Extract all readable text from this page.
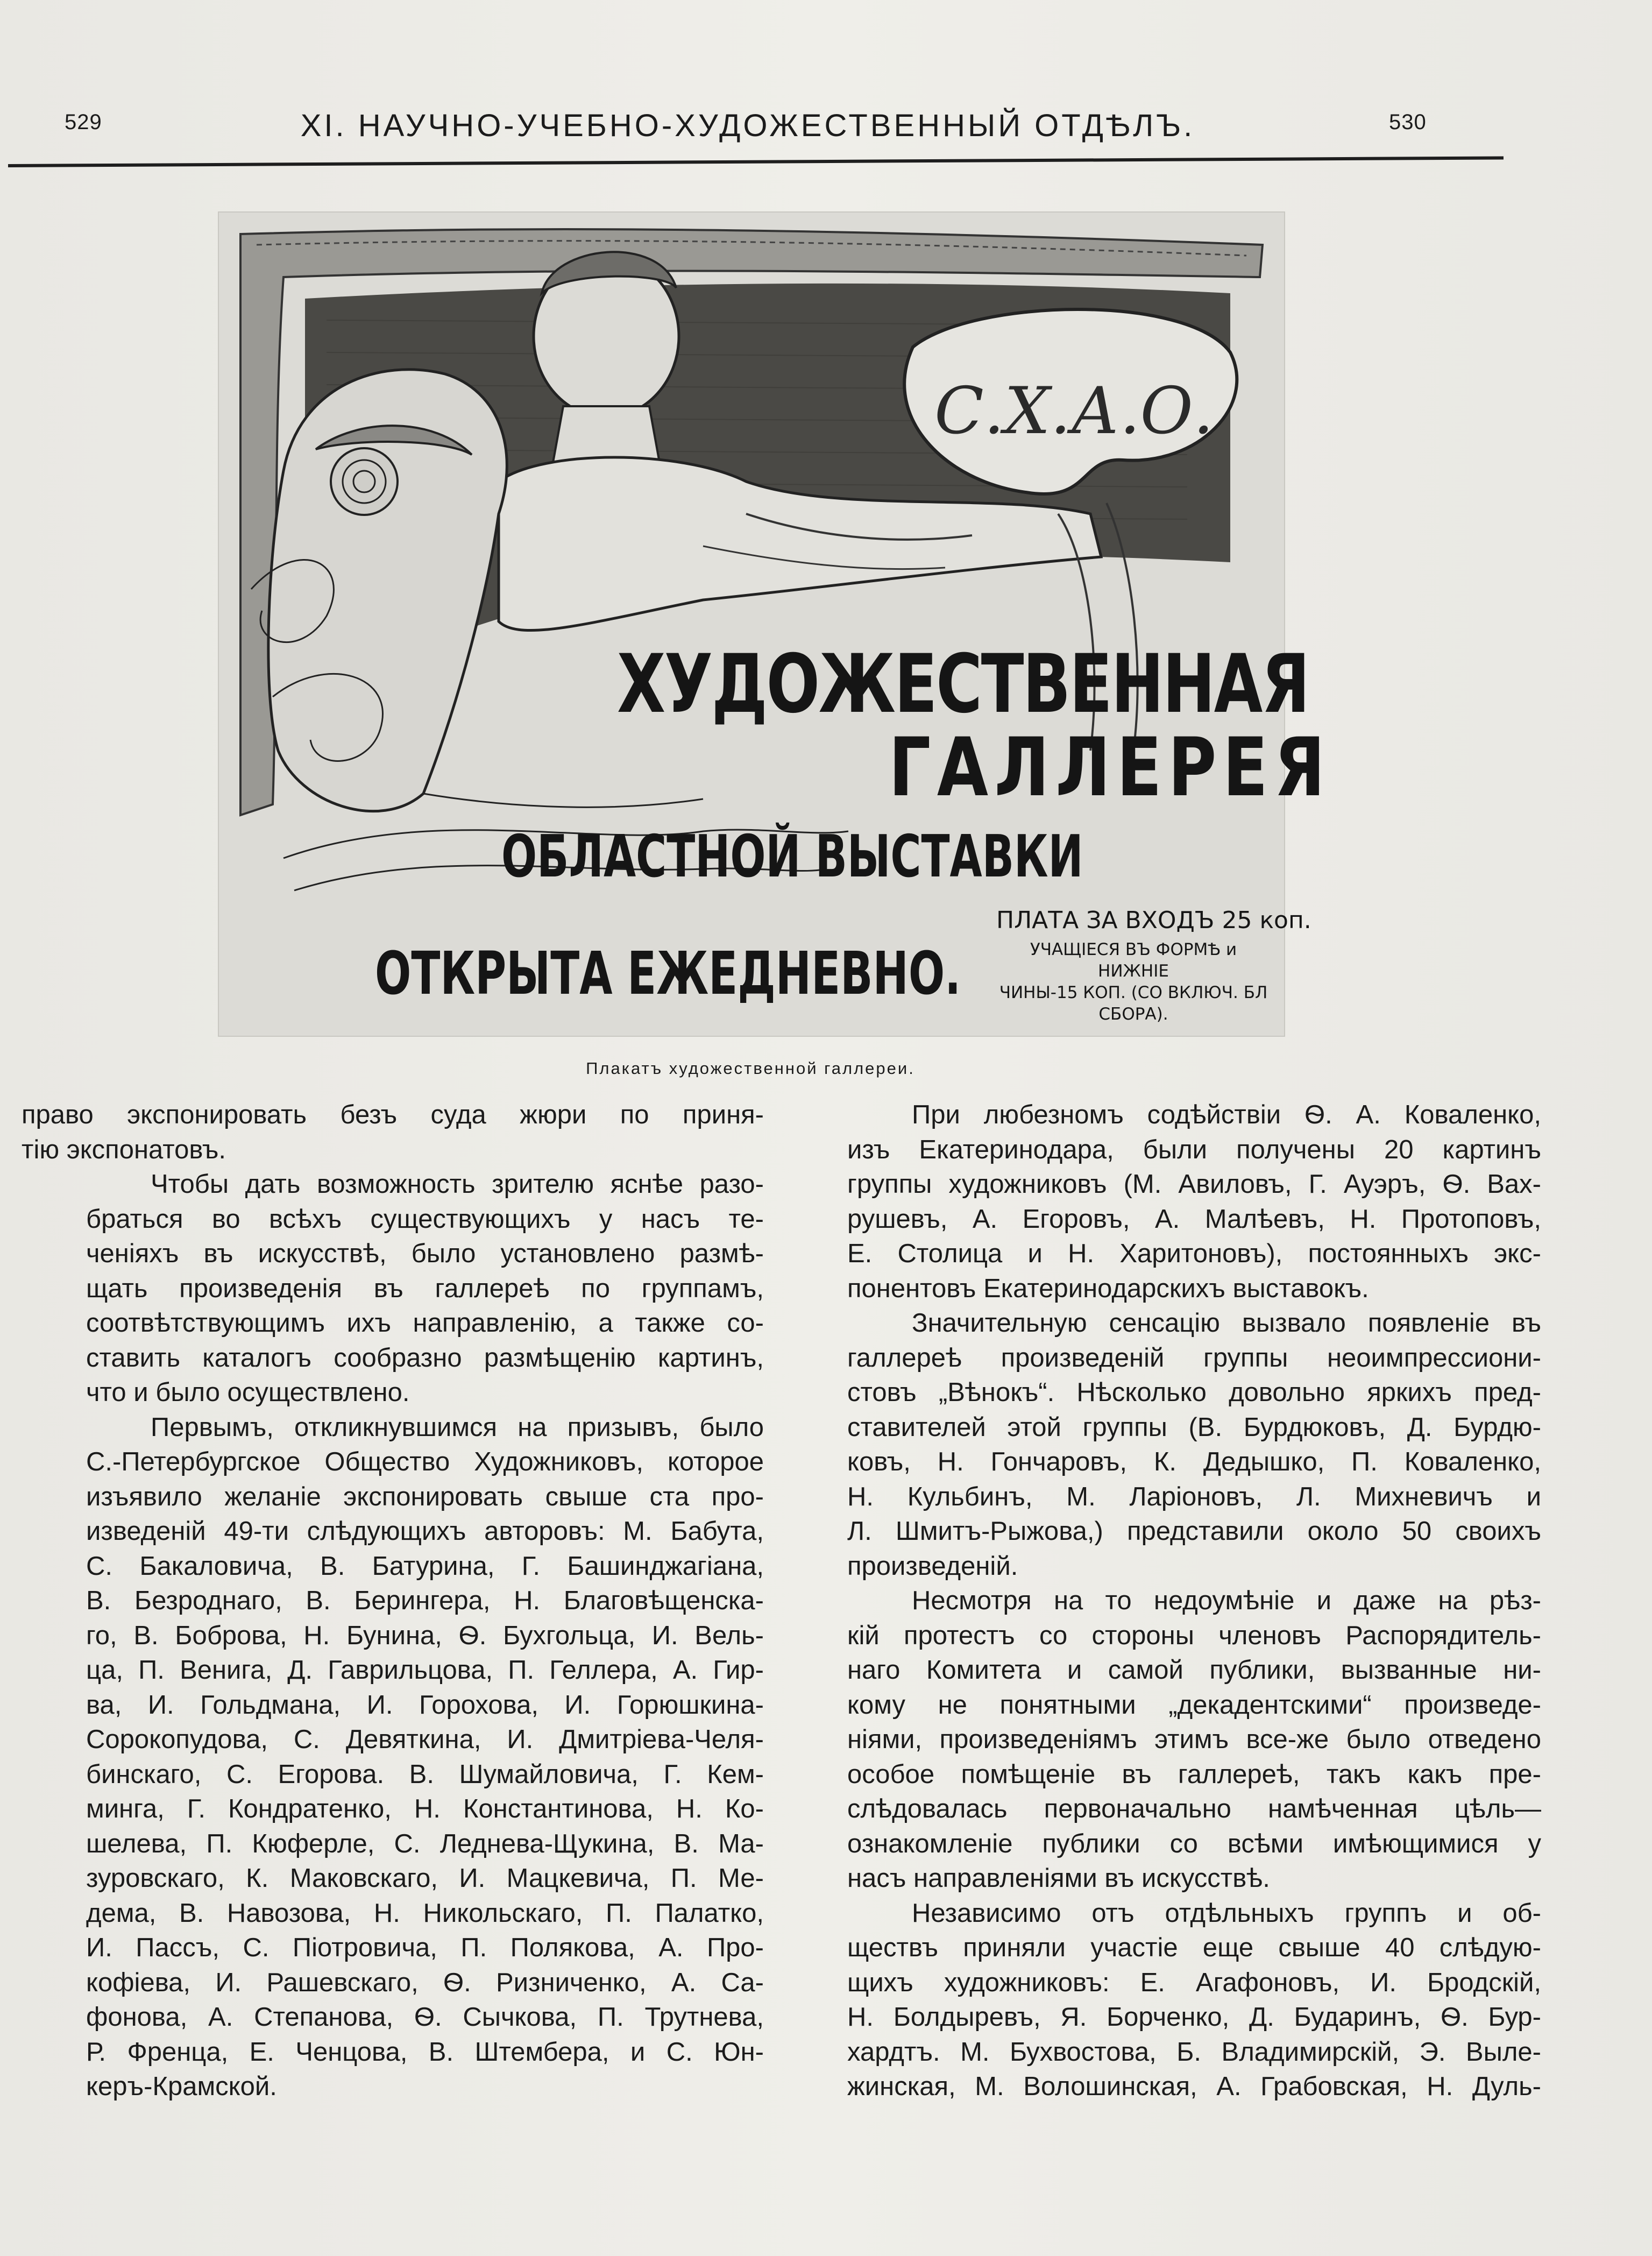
529	XI. НАУЧНО-УЧЕБНО-ХУДОЖЕСТВЕННЫЙ ОТДѢЛЪ.	530
С.Х.А.О.
ХУДОЖЕСТВЕННАЯ
ГАЛЛЕРЕЯ
ОБЛАСТНОЙ ВЫСТАВКИ
ОТКРЫТА ЕЖЕДНЕВНО.
ПЛАТА ЗА ВХОДЪ 25 коп.
УЧАЩІЕСЯ ВЪ ФОРМѢ и НИЖНІЕ
ЧИНЫ-15 КОП. (СО ВКЛЮЧ. БЛ СБОРА).
Плакатъ художественной галлереи.

право экспонировать безъ суда жюри по приня-
тію экспонатовъ.

Чтобы дать возможность зрителю яснѣе разо-
браться во всѣхъ существующихъ у насъ те-
ченіяхъ въ искусствѣ, было установлено размѣ-
щать произведенія въ галлереѣ по группамъ,
соотвѣтствующимъ ихъ направленію, а также со-
ставить каталогъ сообразно размѣщенію картинъ,
что и было осуществлено.

Первымъ, откликнувшимся на призывъ, было
С.-Петербургское Общество Художниковъ, которое
изъявило желаніе экспонировать свыше ста про-
изведеній 49-ти слѣдующихъ авторовъ: М. Бабута,
С. Бакаловича, В. Батурина, Г. Башинджагіана,
В. Безроднаго, В. Берингера, Н. Благовѣщенска-
го, В. Боброва, Н. Бунина, Ѳ. Бухгольца, И. Вель-
ца, П. Венига, Д. Гаврильцова, П. Геллера, А. Гир-
ва, И. Гольдмана, И. Горохова, И. Горюшкина-
Сорокопудова, С. Девяткина, И. Дмитріева-Челя-
бинскаго, С. Егорова. В. Шумайловича, Г. Кем-
минга, Г. Кондратенко, Н. Константинова, Н. Ко-
шелева, П. Кюферле, С. Леднева-Щукина, В. Ма-
зуровскаго, К. Маковскаго, И. Мацкевича, П. Ме-
дема, В. Навозова, Н. Никольскаго, П. Палатко,
И. Пассъ, С. Піотровича, П. Полякова, А. Про-
кофіева, И. Рашевскаго, Ѳ. Ризниченко, А. Са-
фонова, А. Степанова, Ѳ. Сычкова, П. Трутнева,
Р. Френца, Е. Ченцова, В. Штембера, и С. Юн-
керъ-Крамской.

При любезномъ содѣйствіи Ѳ. А. Коваленко,
изъ Екатеринодара, были получены 20 картинъ
группы художниковъ (М. Авиловъ, Г. Ауэръ, Ѳ. Вах-
рушевъ, А. Егоровъ, А. Малѣевъ, Н. Протоповъ,
Е. Столица и Н. Харитоновъ), постоянныхъ экс-
понентовъ Екатеринодарскихъ выставокъ.

Значительную сенсацію вызвало появленіе въ
галлереѣ произведеній группы неоимпрессиони-
стовъ „Вѣнокъ“. Нѣсколько довольно яркихъ пред-
ставителей этой группы (В. Бурдюковъ, Д. Бурдю-
ковъ, Н. Гончаровъ, К. Дедышко, П. Коваленко,
Н. Кульбинъ, М. Ларіоновъ, Л. Михневичъ и
Л. Шмитъ-Рыжова,) представили около 50 своихъ
произведеній.

Несмотря на то недоумѣніе и даже на рѣз-
кій протестъ со стороны членовъ Распорядитель-
наго Комитета и самой публики, вызванные ни-
кому не понятными „декадентскими“ произведе-
ніями, произведеніямъ этимъ все-же было отведено
особое помѣщеніе въ галлереѣ, такъ какъ пре-
слѣдовалась первоначально намѣченная цѣль—
ознакомленіе публики со всѣми имѣющимися у
насъ направленіями въ искусствѣ.

Независимо отъ отдѣльныхъ группъ и об-
ществъ приняли участіе еще свыше 40 слѣдую-
щихъ художниковъ: Е. Агафоновъ, И. Бродскій,
Н. Болдыревъ, Я. Борченко, Д. Бударинъ, Ѳ. Бур-
хардтъ. М. Бухвостова, Б. Владимирскій, Э. Выле-
жинская, М. Волошинская, А. Грабовская, Н. Дуль-
